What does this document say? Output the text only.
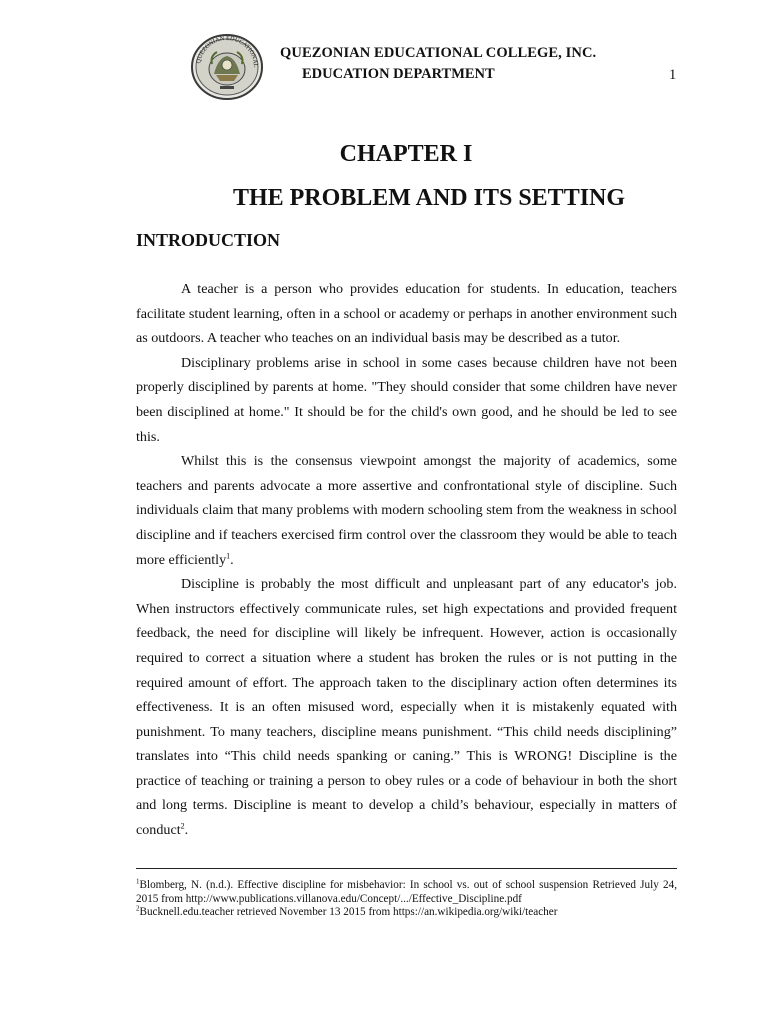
QUEZONIAN EDUCATIONAL
QUEZONIAN EDUCATIONAL COLLEGE, INC.
EDUCATION DEPARTMENT	1
CHAPTER I
THE PROBLEM AND ITS SETTING
INTRODUCTION

A teacher is a person who provides education for students. In education, teachers facilitate student learning, often in a school or academy or perhaps in another environment such as outdoors. A teacher who teaches on an individual basis may be described as a tutor.

Disciplinary problems arise in school in some cases because children have not been properly disciplined by parents at home. "They should consider that some children have never been disciplined at home." It should be for the child's own good, and he should be led to see this.

Whilst this is the consensus viewpoint amongst the majority of academics, some teachers and parents advocate a more assertive and confrontational style of discipline. Such individuals claim that many problems with modern schooling stem from the weakness in school discipline and if teachers exercised firm control over the classroom they would be able to teach more efficiently$^1$.

Discipline is probably the most difficult and unpleasant part of any educator's job. When instructors effectively communicate rules, set high expectations and provided frequent feedback, the need for discipline will likely be infrequent. However, action is occasionally required to correct a situation where a student has broken the rules or is not putting in the required amount of effort. The approach taken to the disciplinary action often determines its effectiveness. It is an often misused word, especially when it is mistakenly equated with punishment. To many teachers, discipline means punishment. “This child needs disciplining” translates into “This child needs spanking or caning.” This is WRONG! Discipline is the practice of teaching or training a person to obey rules or a code of behaviour in both the short and long terms. Discipline is meant to develop a child’s behaviour, especially in matters of conduct$^2$.

$^1$Blomberg, N. (n.d.). Effective discipline for misbehavior: In school vs. out of school suspension Retrieved July 24, 2015 from http://www.publications.villanova.edu/Concept/.../Effective_Discipline.pdf

$^2$Bucknell.edu.teacher retrieved November 13 2015 from https://an.wikipedia.org/wiki/teacher
